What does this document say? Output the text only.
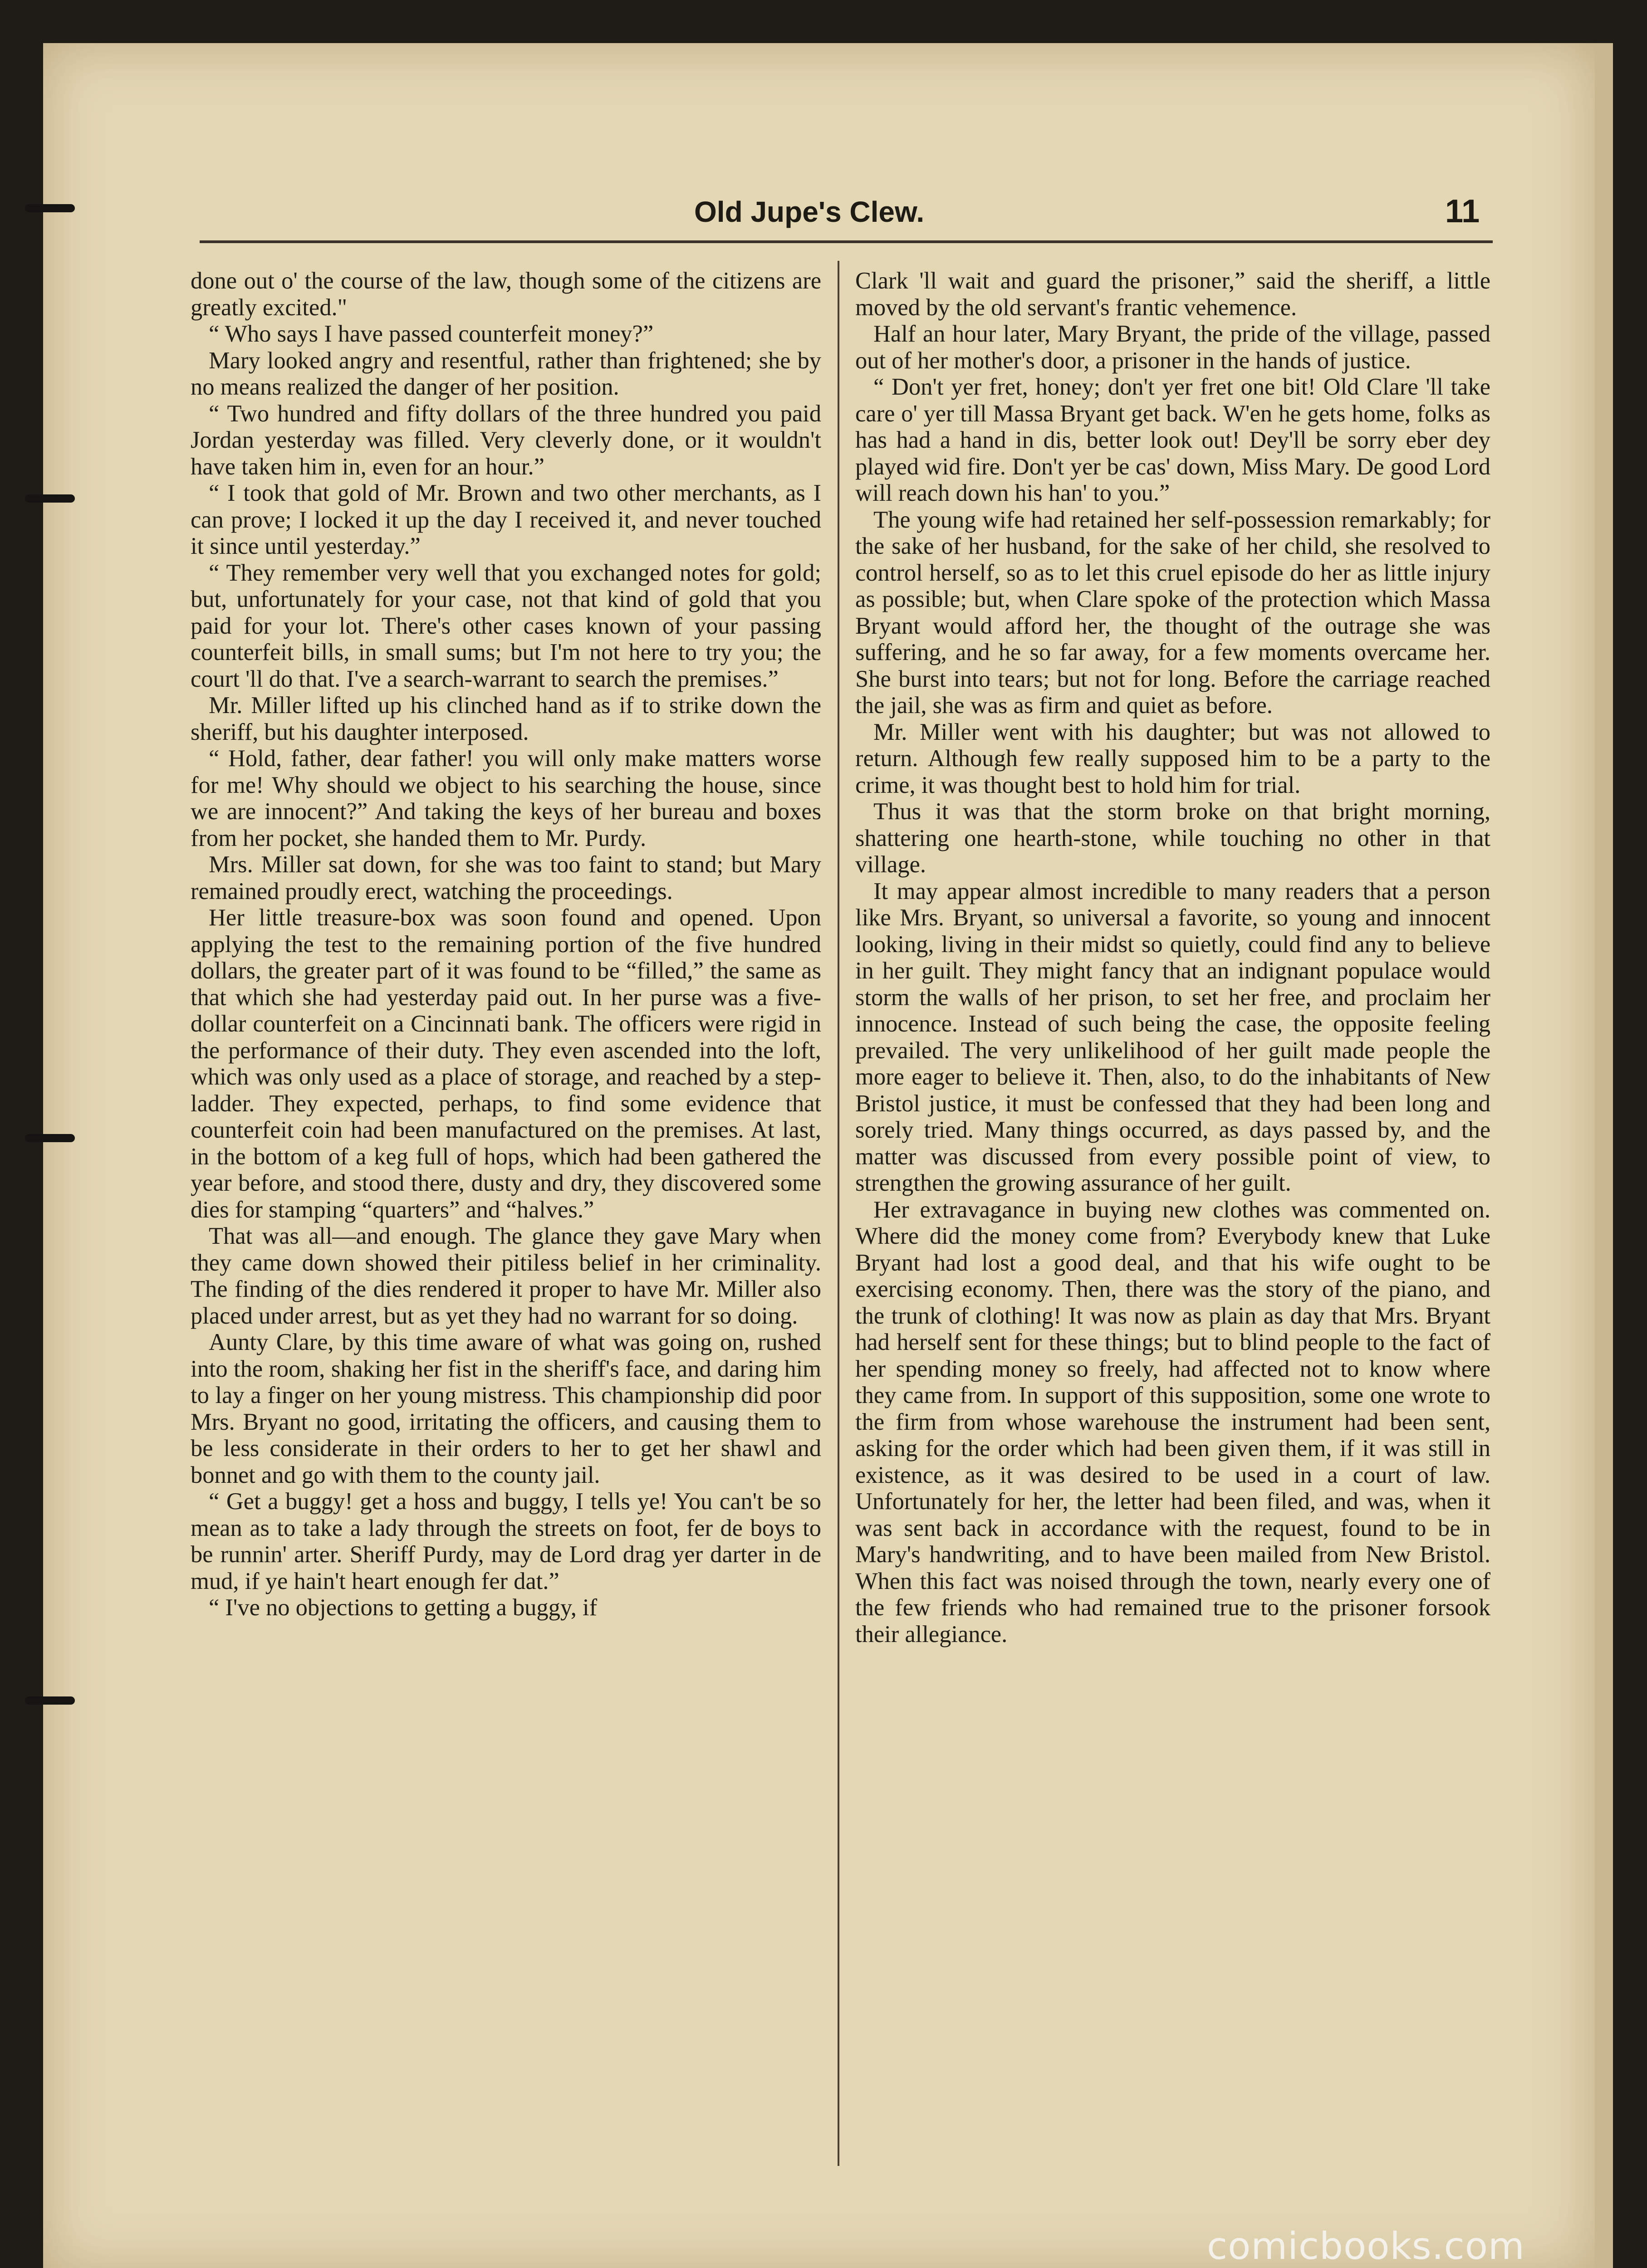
Old Jupe's Clew.	11

done out o' the course of the law, though some of the citizens are greatly excited."

“ Who says I have passed counterfeit money?”

Mary looked angry and resentful, rather than frightened; she by no means realized the danger of her position.

“ Two hundred and fifty dollars of the three hundred you paid Jordan yesterday was filled. Very cleverly done, or it wouldn't have taken him in, even for an hour.”

“ I took that gold of Mr. Brown and two other merchants, as I can prove; I locked it up the day I received it, and never touched it since until yesterday.”

“ They remember very well that you exchanged notes for gold; but, unfortunately for your case, not that kind of gold that you paid for your lot. There's other cases known of your passing counterfeit bills, in small sums; but I'm not here to try you; the court 'll do that. I've a search-warrant to search the premises.”

Mr. Miller lifted up his clinched hand as if to strike down the sheriff, but his daughter interposed.

“ Hold, father, dear father! you will only make matters worse for me! Why should we object to his searching the house, since we are innocent?” And taking the keys of her bureau and boxes from her pocket, she handed them to Mr. Purdy.

Mrs. Miller sat down, for she was too faint to stand; but Mary remained proudly erect, watching the proceedings.

Her little treasure-box was soon found and opened. Upon applying the test to the remaining portion of the five hundred dollars, the greater part of it was found to be “filled,” the same as that which she had yesterday paid out. In her purse was a five-dollar counterfeit on a Cincinnati bank. The officers were rigid in the performance of their duty. They even ascended into the loft, which was only used as a place of storage, and reached by a step-ladder. They expected, perhaps, to find some evidence that counterfeit coin had been manufactured on the premises. At last, in the bottom of a keg full of hops, which had been gathered the year before, and stood there, dusty and dry, they discovered some dies for stamping “quarters” and “halves.”

That was all—and enough. The glance they gave Mary when they came down showed their pitiless belief in her criminality. The finding of the dies rendered it proper to have Mr. Miller also placed under arrest, but as yet they had no warrant for so doing.

Aunty Clare, by this time aware of what was going on, rushed into the room, shaking her fist in the sheriff's face, and daring him to lay a finger on her young mistress. This championship did poor Mrs. Bryant no good, irritating the officers, and causing them to be less considerate in their orders to her to get her shawl and bonnet and go with them to the county jail.

“ Get a buggy! get a hoss and buggy, I tells ye! You can't be so mean as to take a lady through the streets on foot, fer de boys to be runnin' arter. Sheriff Purdy, may de Lord drag yer darter in de mud, if ye hain't heart enough fer dat.”

“ I've no objections to getting a buggy, if

Clark 'll wait and guard the prisoner,” said the sheriff, a little moved by the old servant's frantic vehemence.

Half an hour later, Mary Bryant, the pride of the village, passed out of her mother's door, a prisoner in the hands of justice.

“ Don't yer fret, honey; don't yer fret one bit! Old Clare 'll take care o' yer till Massa Bryant get back. W'en he gets home, folks as has had a hand in dis, better look out! Dey'll be sorry eber dey played wid fire. Don't yer be cas' down, Miss Mary. De good Lord will reach down his han' to you.”

The young wife had retained her self-possession remarkably; for the sake of her husband, for the sake of her child, she resolved to control herself, so as to let this cruel episode do her as little injury as possible; but, when Clare spoke of the protection which Massa Bryant would afford her, the thought of the outrage she was suffering, and he so far away, for a few moments overcame her. She burst into tears; but not for long. Before the carriage reached the jail, she was as firm and quiet as before.

Mr. Miller went with his daughter; but was not allowed to return. Although few really supposed him to be a party to the crime, it was thought best to hold him for trial.

Thus it was that the storm broke on that bright morning, shattering one hearth-stone, while touching no other in that village.

It may appear almost incredible to many readers that a person like Mrs. Bryant, so universal a favorite, so young and innocent looking, living in their midst so quietly, could find any to believe in her guilt. They might fancy that an indignant populace would storm the walls of her prison, to set her free, and proclaim her innocence. Instead of such being the case, the opposite feeling prevailed. The very unlikelihood of her guilt made people the more eager to believe it. Then, also, to do the inhabitants of New Bristol justice, it must be confessed that they had been long and sorely tried. Many things occurred, as days passed by, and the matter was discussed from every possible point of view, to strengthen the growing assurance of her guilt.

Her extravagance in buying new clothes was commented on. Where did the money come from? Everybody knew that Luke Bryant had lost a good deal, and that his wife ought to be exercising economy. Then, there was the story of the piano, and the trunk of clothing! It was now as plain as day that Mrs. Bryant had herself sent for these things; but to blind people to the fact of her spending money so freely, had affected not to know where they came from. In support of this supposition, some one wrote to the firm from whose warehouse the instrument had been sent, asking for the order which had been given them, if it was still in existence, as it was desired to be used in a court of law. Unfortunately for her, the letter had been filed, and was, when it was sent back in accordance with the request, found to be in Mary's handwriting, and to have been mailed from New Bristol. When this fact was noised through the town, nearly every one of the few friends who had remained true to the prisoner forsook their allegiance.

comicbooks.com
